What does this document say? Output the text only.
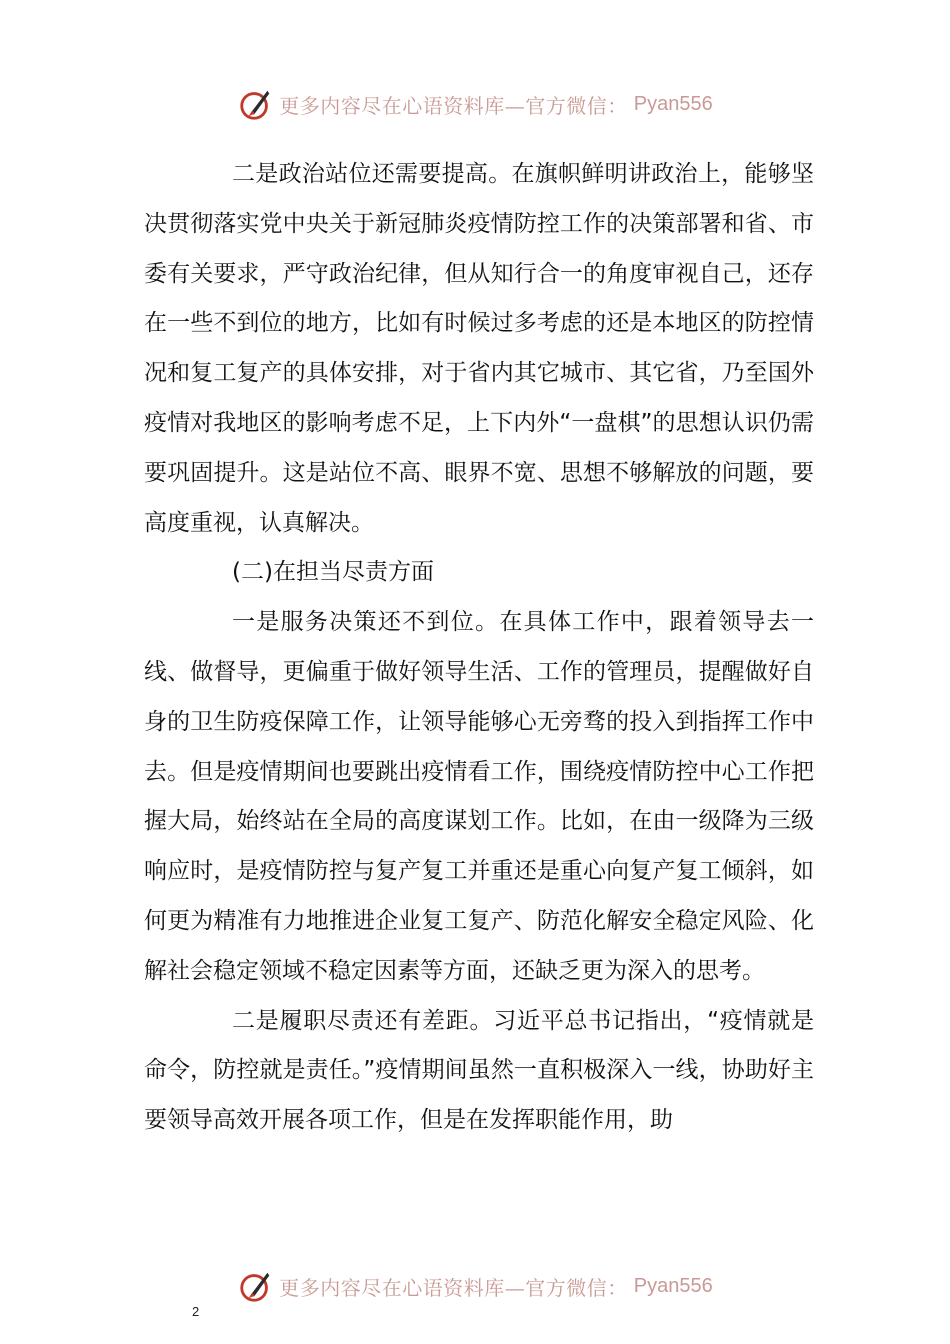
更多内容尽在心语资料库—官方微信： Pyan556

二是政治站位还需要提高。在旗帜鲜明讲政治上，能够坚决贯彻落实党中央关于新冠肺炎疫情防控工作的决策部署和省、市委有关要求，严守政治纪律，但从知行合一的角度审视自己，还存在一些不到位的地方，比如有时候过多考虑的还是本地区的防控情况和复工复产的具体安排，对于省内其它城市、其它省，乃至国外疫情对我地区的影响考虑不足，上下内外“一盘棋”的思想认识仍需要巩固提升。这是站位不高、眼界不宽、思想不够解放的问题，要高度重视，认真解决。

(二)在担当尽责方面

一是服务决策还不到位。在具体工作中，跟着领导去一线、做督导，更偏重于做好领导生活、工作的管理员，提醒做好自身的卫生防疫保障工作，让领导能够心无旁骛的投入到指挥工作中去。但是疫情期间也要跳出疫情看工作，围绕疫情防控中心工作把握大局，始终站在全局的高度谋划工作。比如，在由一级降为三级响应时，是疫情防控与复产复工并重还是重心向复产复工倾斜，如何更为精准有力地推进企业复工复产、防范化解安全稳定风险、化解社会稳定领域不稳定因素等方面，还缺乏更为深入的思考。

二是履职尽责还有差距。习近平总书记指出，“疫情就是命令，防控就是责任。”疫情期间虽然一直积极深入一线，协助好主要领导高效开展各项工作，但是在发挥职能作用，助

更多内容尽在心语资料库—官方微信： Pyan556
2
